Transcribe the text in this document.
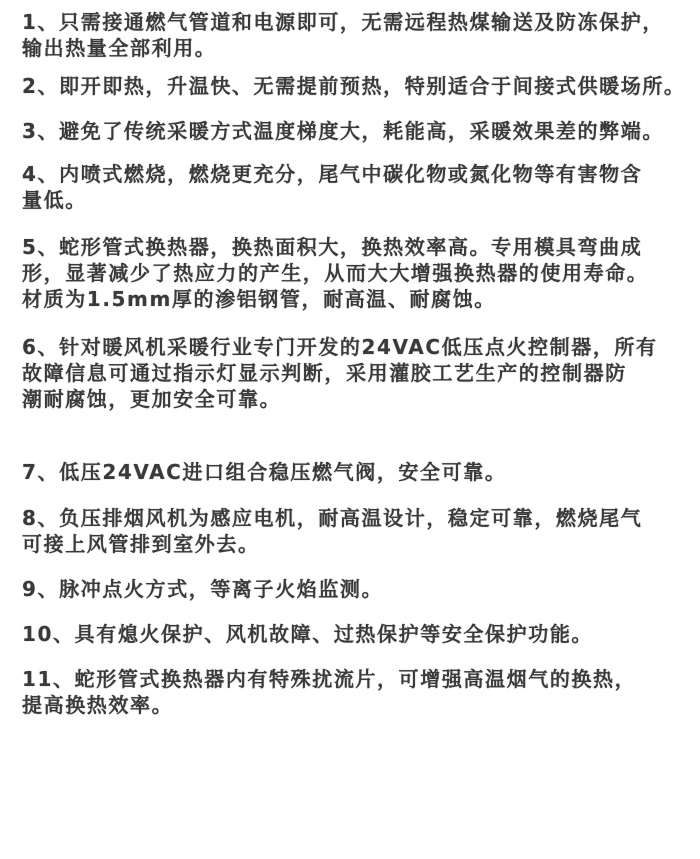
1、只需接通燃气管道和电源即可，无需远程热煤输送及防冻保护，
输出热量全部利用。
2、即开即热，升温快、无需提前预热，特别适合于间接式供暖场所。
3、避免了传统采暖方式温度梯度大，耗能高，采暖效果差的弊端。
4、内喷式燃烧，燃烧更充分，尾气中碳化物或氮化物等有害物含
量低。
5、蛇形管式换热器，换热面积大，换热效率高。专用模具弯曲成
形，显著减少了热应力的产生，从而大大增强换热器的使用寿命。
材质为1.5mm厚的渗铝钢管，耐高温、耐腐蚀。
6、针对暖风机采暖行业专门开发的24VAC低压点火控制器，所有
故障信息可通过指示灯显示判断，采用灌胶工艺生产的控制器防
潮耐腐蚀，更加安全可靠。
7、低压24VAC进口组合稳压燃气阀，安全可靠。
8、负压排烟风机为感应电机，耐高温设计，稳定可靠，燃烧尾气
可接上风管排到室外去。
9、脉冲点火方式，等离子火焰监测。
10、具有熄火保护、风机故障、过热保护等安全保护功能。
11、蛇形管式换热器内有特殊扰流片，可增强高温烟气的换热，
提高换热效率。
